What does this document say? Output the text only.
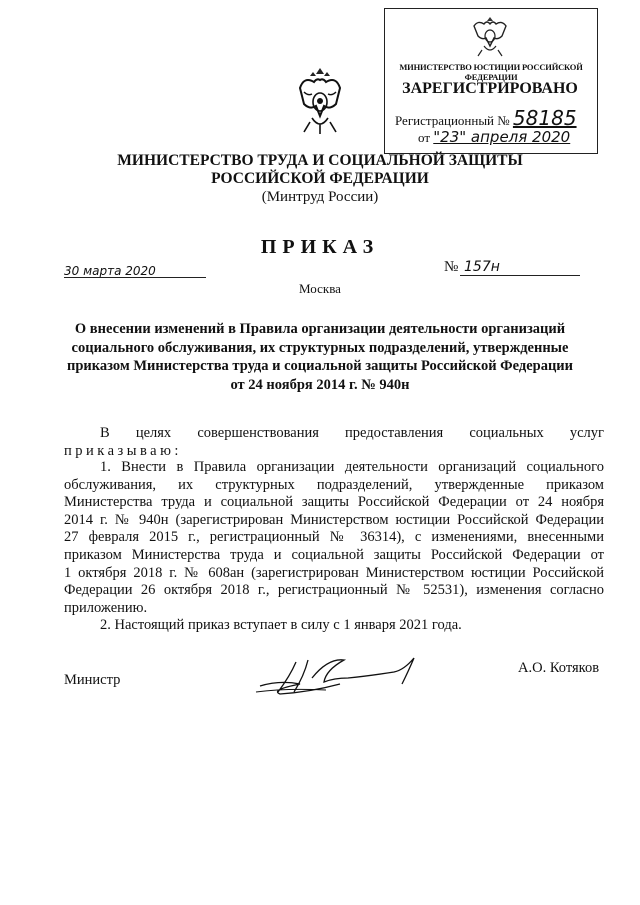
МИНИСТЕРСТВО ЮСТИЦИИ РОССИЙСКОЙ ФЕДЕРАЦИИ
ЗАРЕГИСТРИРОВАНО
Регистрационный № 58185
от "23" апреля 2020
МИНИСТЕРСТВО ТРУДА И СОЦИАЛЬНОЙ ЗАЩИТЫ
РОССИЙСКОЙ ФЕДЕРАЦИИ
(Минтруд России)
ПРИКАЗ
30 марта 2020	№ 157н
Москва
О внесении изменений в Правила организации деятельности организаций
социального обслуживания, их структурных подразделений, утвержденные
приказом Министерства труда и социальной защиты Российской Федерации
от 24 ноября 2014 г. № 940н
В целях совершенствования предоставления социальных услуг
приказываю:
1. Внести в Правила организации деятельности организаций социального
обслуживания, их структурных подразделений, утвержденные приказом
Министерства труда и социальной защиты Российской Федерации от 24 ноября
2014 г. № 940н (зарегистрирован Министерством юстиции Российской Федерации
27 февраля 2015 г., регистрационный № 36314), с изменениями, внесенными
приказом Министерства труда и социальной защиты Российской Федерации от
1 октября 2018 г. № 608ан (зарегистрирован Министерством юстиции Российской
Федерации 26 октября 2018 г., регистрационный № 52531), изменения согласно
приложению.
2. Настоящий приказ вступает в силу с 1 января 2021 года.
Министр
А.О. Котяков
